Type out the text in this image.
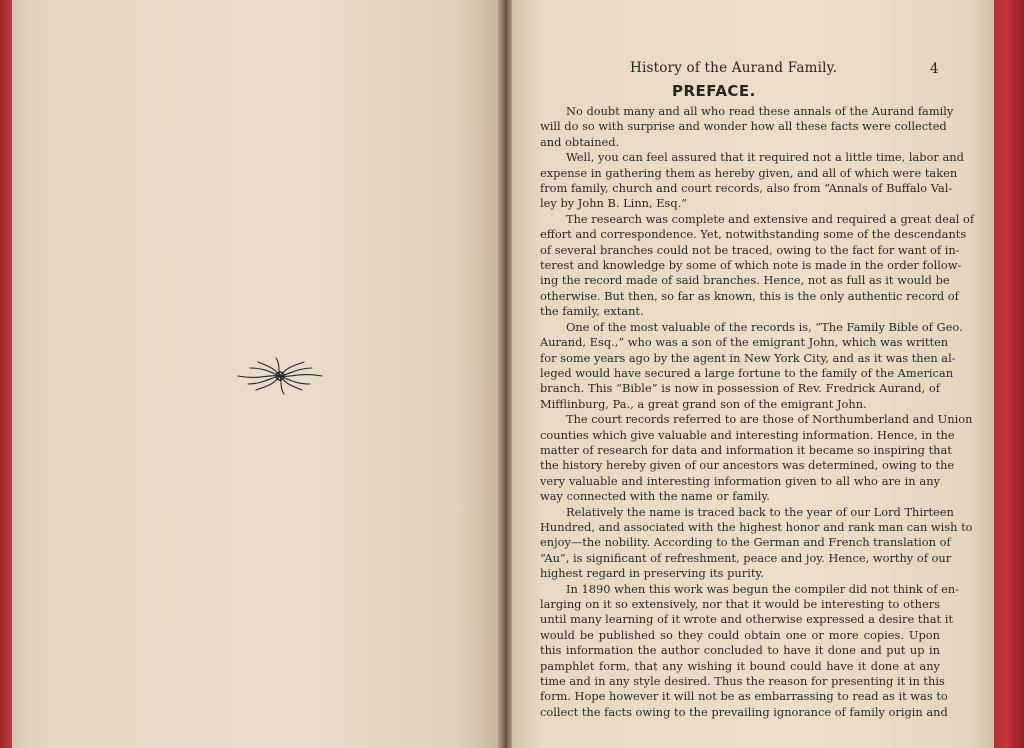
History of the Aurand Family.	4
PREFACE.
No doubt many and all who read these annals of the Aurand family
will do so with surprise and wonder how all these facts were collected
and obtained.
Well, you can feel assured that it required not a little time, labor and
expense in gathering them as hereby given, and all of which were taken
from family, church and court records, also from “Annals of Buffalo Val-
ley by John B. Linn, Esq.”
The research was complete and extensive and required a great deal of
effort and correspondence. Yet, notwithstanding some of the descendants
of several branches could not be traced, owing to the fact for want of in-
terest and knowledge by some of which note is made in the order follow-
ing the record made of said branches. Hence, not as full as it would be
otherwise. But then, so far as known, this is the only authentic record of
the family, extant.
One of the most valuable of the records is, “The Family Bible of Geo.
Aurand, Esq.,” who was a son of the emigrant John, which was written
for some years ago by the agent in New York City, and as it was then al-
leged would have secured a large fortune to the family of the American
branch. This “Bible” is now in possession of Rev. Fredrick Aurand, of
Mifflinburg, Pa., a great grand son of the emigrant John.
The court records referred to are those of Northumberland and Union
counties which give valuable and interesting information. Hence, in the
matter of research for data and information it became so inspiring that
the history hereby given of our ancestors was determined, owing to the
very valuable and interesting information given to all who are in any
way connected with the name or family.
Relatively the name is traced back to the year of our Lord Thirteen
Hundred, and associated with the highest honor and rank man can wish to
enjoy—the nobility. According to the German and French translation of
“Au”, is significant of refreshment, peace and joy. Hence, worthy of our
highest regard in preserving its purity.
In 1890 when this work was begun the compiler did not think of en-
larging on it so extensively, nor that it would be interesting to others
until many learning of it wrote and otherwise expressed a desire that it
would be published so they could obtain one or more copies. Upon
this information the author concluded to have it done and put up in
pamphlet form, that any wishing it bound could have it done at any
time and in any style desired. Thus the reason for presenting it in this
form. Hope however it will not be as embarrassing to read as it was to
collect the facts owing to the prevailing ignorance of family origin and
